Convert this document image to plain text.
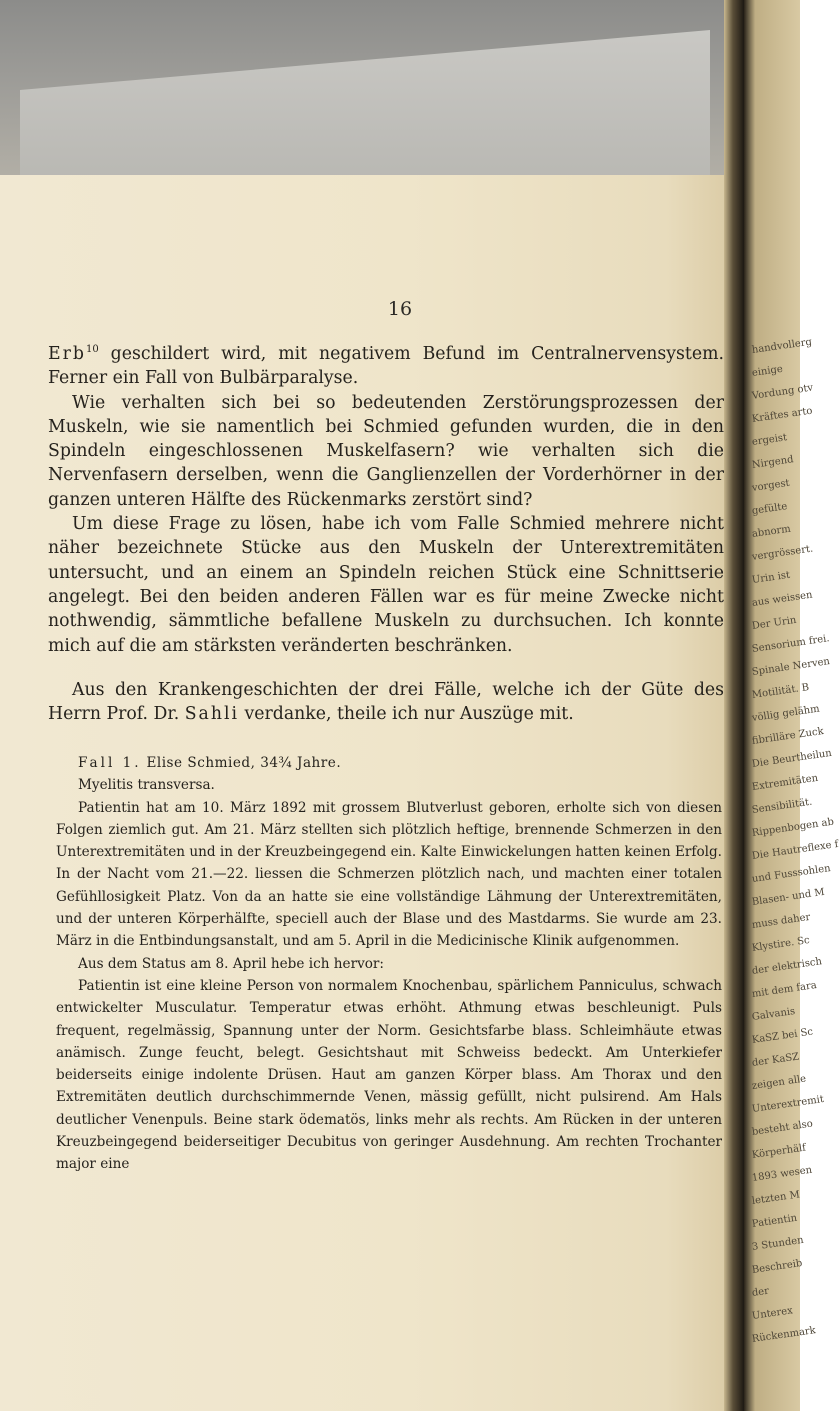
handvollerg
einige
Vordung otv
Kräftes arto
ergeist
Nirgend
vorgest
gefülte
abnorm
vergrössert.
Urin ist
aus weissen
Der Urin
Sensorium frei.
Spinale Nerven
Motilität. B
völlig gelähm
fibrilläre Zuck
Die Beurtheilun
Extremitäten
Sensibilität.
Rippenbogen ab
Die Hautreflexe f
und Fusssohlen
Blasen- und M
muss daher
Klystire. Sc
der elektrisch
mit dem fara
Galvanis
KaSZ bei Sc
der KaSZ
zeigen alle
Unterextremit
besteht also
Körperhälf
1893 wesen
letzten M
Patientin
3 Stunden
Beschreib
der
Unterex
Rückenmark
16

Erb$^{10}$ geschildert wird, mit negativem Befund im Centralnervensystem. Ferner ein Fall von Bulbärparalyse.

Wie verhalten sich bei so bedeutenden Zerstörungsprozessen der Muskeln, wie sie namentlich bei Schmied gefunden wurden, die in den Spindeln eingeschlossenen Muskelfasern? wie verhalten sich die Nervenfasern derselben, wenn die Ganglienzellen der Vorderhörner in der ganzen unteren Hälfte des Rückenmarks zerstört sind?

Um diese Frage zu lösen, habe ich vom Falle Schmied mehrere nicht näher bezeichnete Stücke aus den Muskeln der Unterextremitäten untersucht, und an einem an Spindeln reichen Stück eine Schnittserie angelegt. Bei den beiden anderen Fällen war es für meine Zwecke nicht nothwendig, sämmtliche befallene Muskeln zu durchsuchen. Ich konnte mich auf die am stärksten veränderten beschränken.

Aus den Krankengeschichten der drei Fälle, welche ich der Güte des Herrn Prof. Dr. Sahli verdanke, theile ich nur Auszüge mit.

Fall 1. Elise Schmied, 34¾ Jahre.

Myelitis transversa.

Patientin hat am 10. März 1892 mit grossem Blutverlust geboren, erholte sich von diesen Folgen ziemlich gut. Am 21. März stellten sich plötzlich heftige, brennende Schmerzen in den Unterextremitäten und in der Kreuzbeingegend ein. Kalte Einwickelungen hatten keinen Erfolg. In der Nacht vom 21.—22. liessen die Schmerzen plötzlich nach, und machten einer totalen Gefühllosigkeit Platz. Von da an hatte sie eine vollständige Lähmung der Unterextremitäten, und der unteren Körperhälfte, speciell auch der Blase und des Mastdarms. Sie wurde am 23. März in die Entbindungsanstalt, und am 5. April in die Medicinische Klinik aufgenommen.

Aus dem Status am 8. April hebe ich hervor:

Patientin ist eine kleine Person von normalem Knochenbau, spärlichem Panniculus, schwach entwickelter Musculatur. Temperatur etwas erhöht. Athmung etwas beschleunigt. Puls frequent, regelmässig, Spannung unter der Norm. Gesichtsfarbe blass. Schleimhäute etwas anämisch. Zunge feucht, belegt. Gesichtshaut mit Schweiss bedeckt. Am Unterkiefer beiderseits einige indolente Drüsen. Haut am ganzen Körper blass. Am Thorax und den Extremitäten deutlich durchschimmernde Venen, mässig gefüllt, nicht pulsirend. Am Hals deutlicher Venenpuls. Beine stark ödematös, links mehr als rechts. Am Rücken in der unteren Kreuzbeingegend beiderseitiger Decubitus von geringer Ausdehnung. Am rechten Trochanter major eine
